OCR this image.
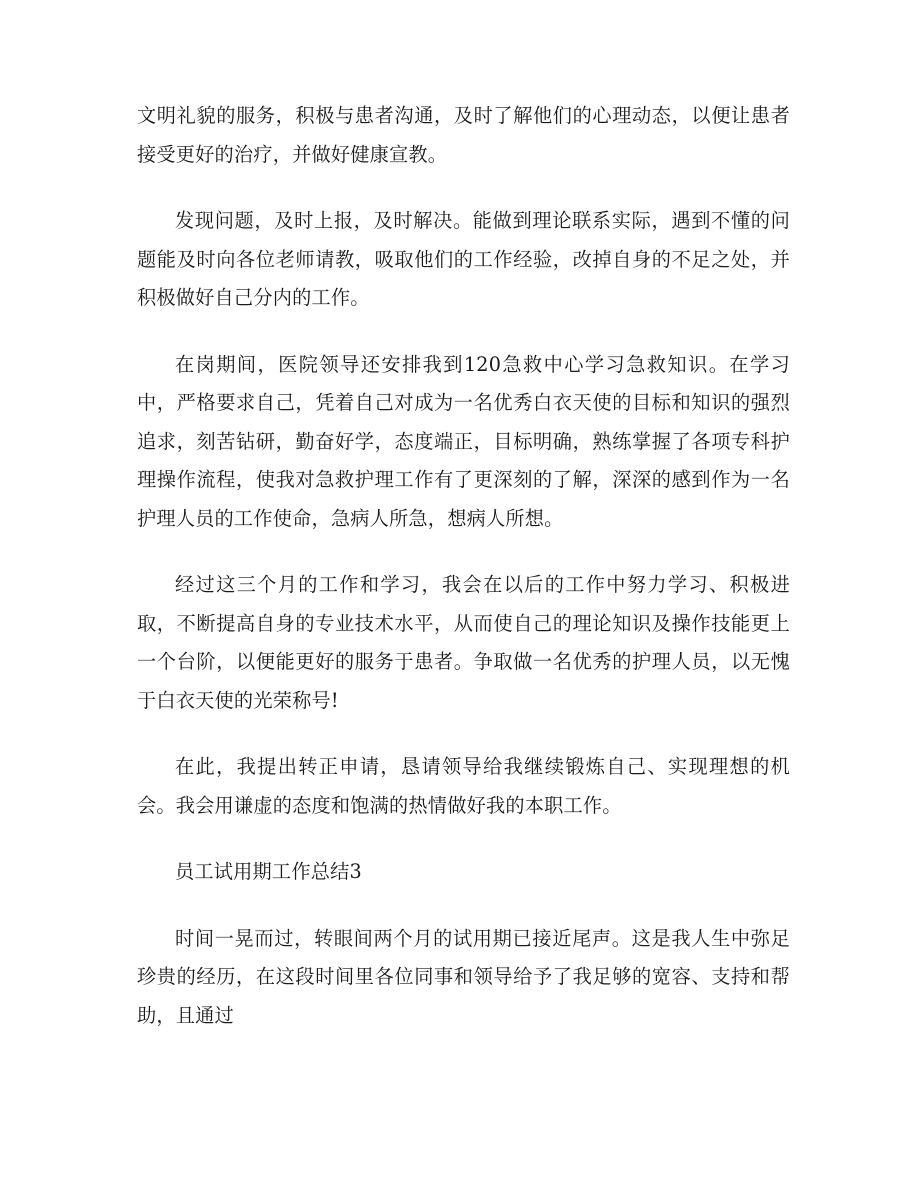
文明礼貌的服务，积极与患者沟通，及时了解他们的心理动态，以便让患者接受更好的治疗，并做好健康宣教。

发现问题，及时上报，及时解决。能做到理论联系实际，遇到不懂的问题能及时向各位老师请教，吸取他们的工作经验，改掉自身的不足之处，并积极做好自己分内的工作。

在岗期间，医院领导还安排我到120急救中心学习急救知识。在学习中，严格要求自己，凭着自己对成为一名优秀白衣天使的目标和知识的强烈追求，刻苦钻研，勤奋好学，态度端正，目标明确，熟练掌握了各项专科护理操作流程，使我对急救护理工作有了更深刻的了解，深深的感到作为一名护理人员的工作使命，急病人所急，想病人所想。

经过这三个月的工作和学习，我会在以后的工作中努力学习、积极进取，不断提高自身的专业技术水平，从而使自己的理论知识及操作技能更上一个台阶，以便能更好的服务于患者。争取做一名优秀的护理人员，以无愧于白衣天使的光荣称号!

在此，我提出转正申请，恳请领导给我继续锻炼自己、实现理想的机会。我会用谦虚的态度和饱满的热情做好我的本职工作。

员工试用期工作总结3

时间一晃而过，转眼间两个月的试用期已接近尾声。这是我人生中弥足珍贵的经历，在这段时间里各位同事和领导给予了我足够的宽容、支持和帮助，且通过
